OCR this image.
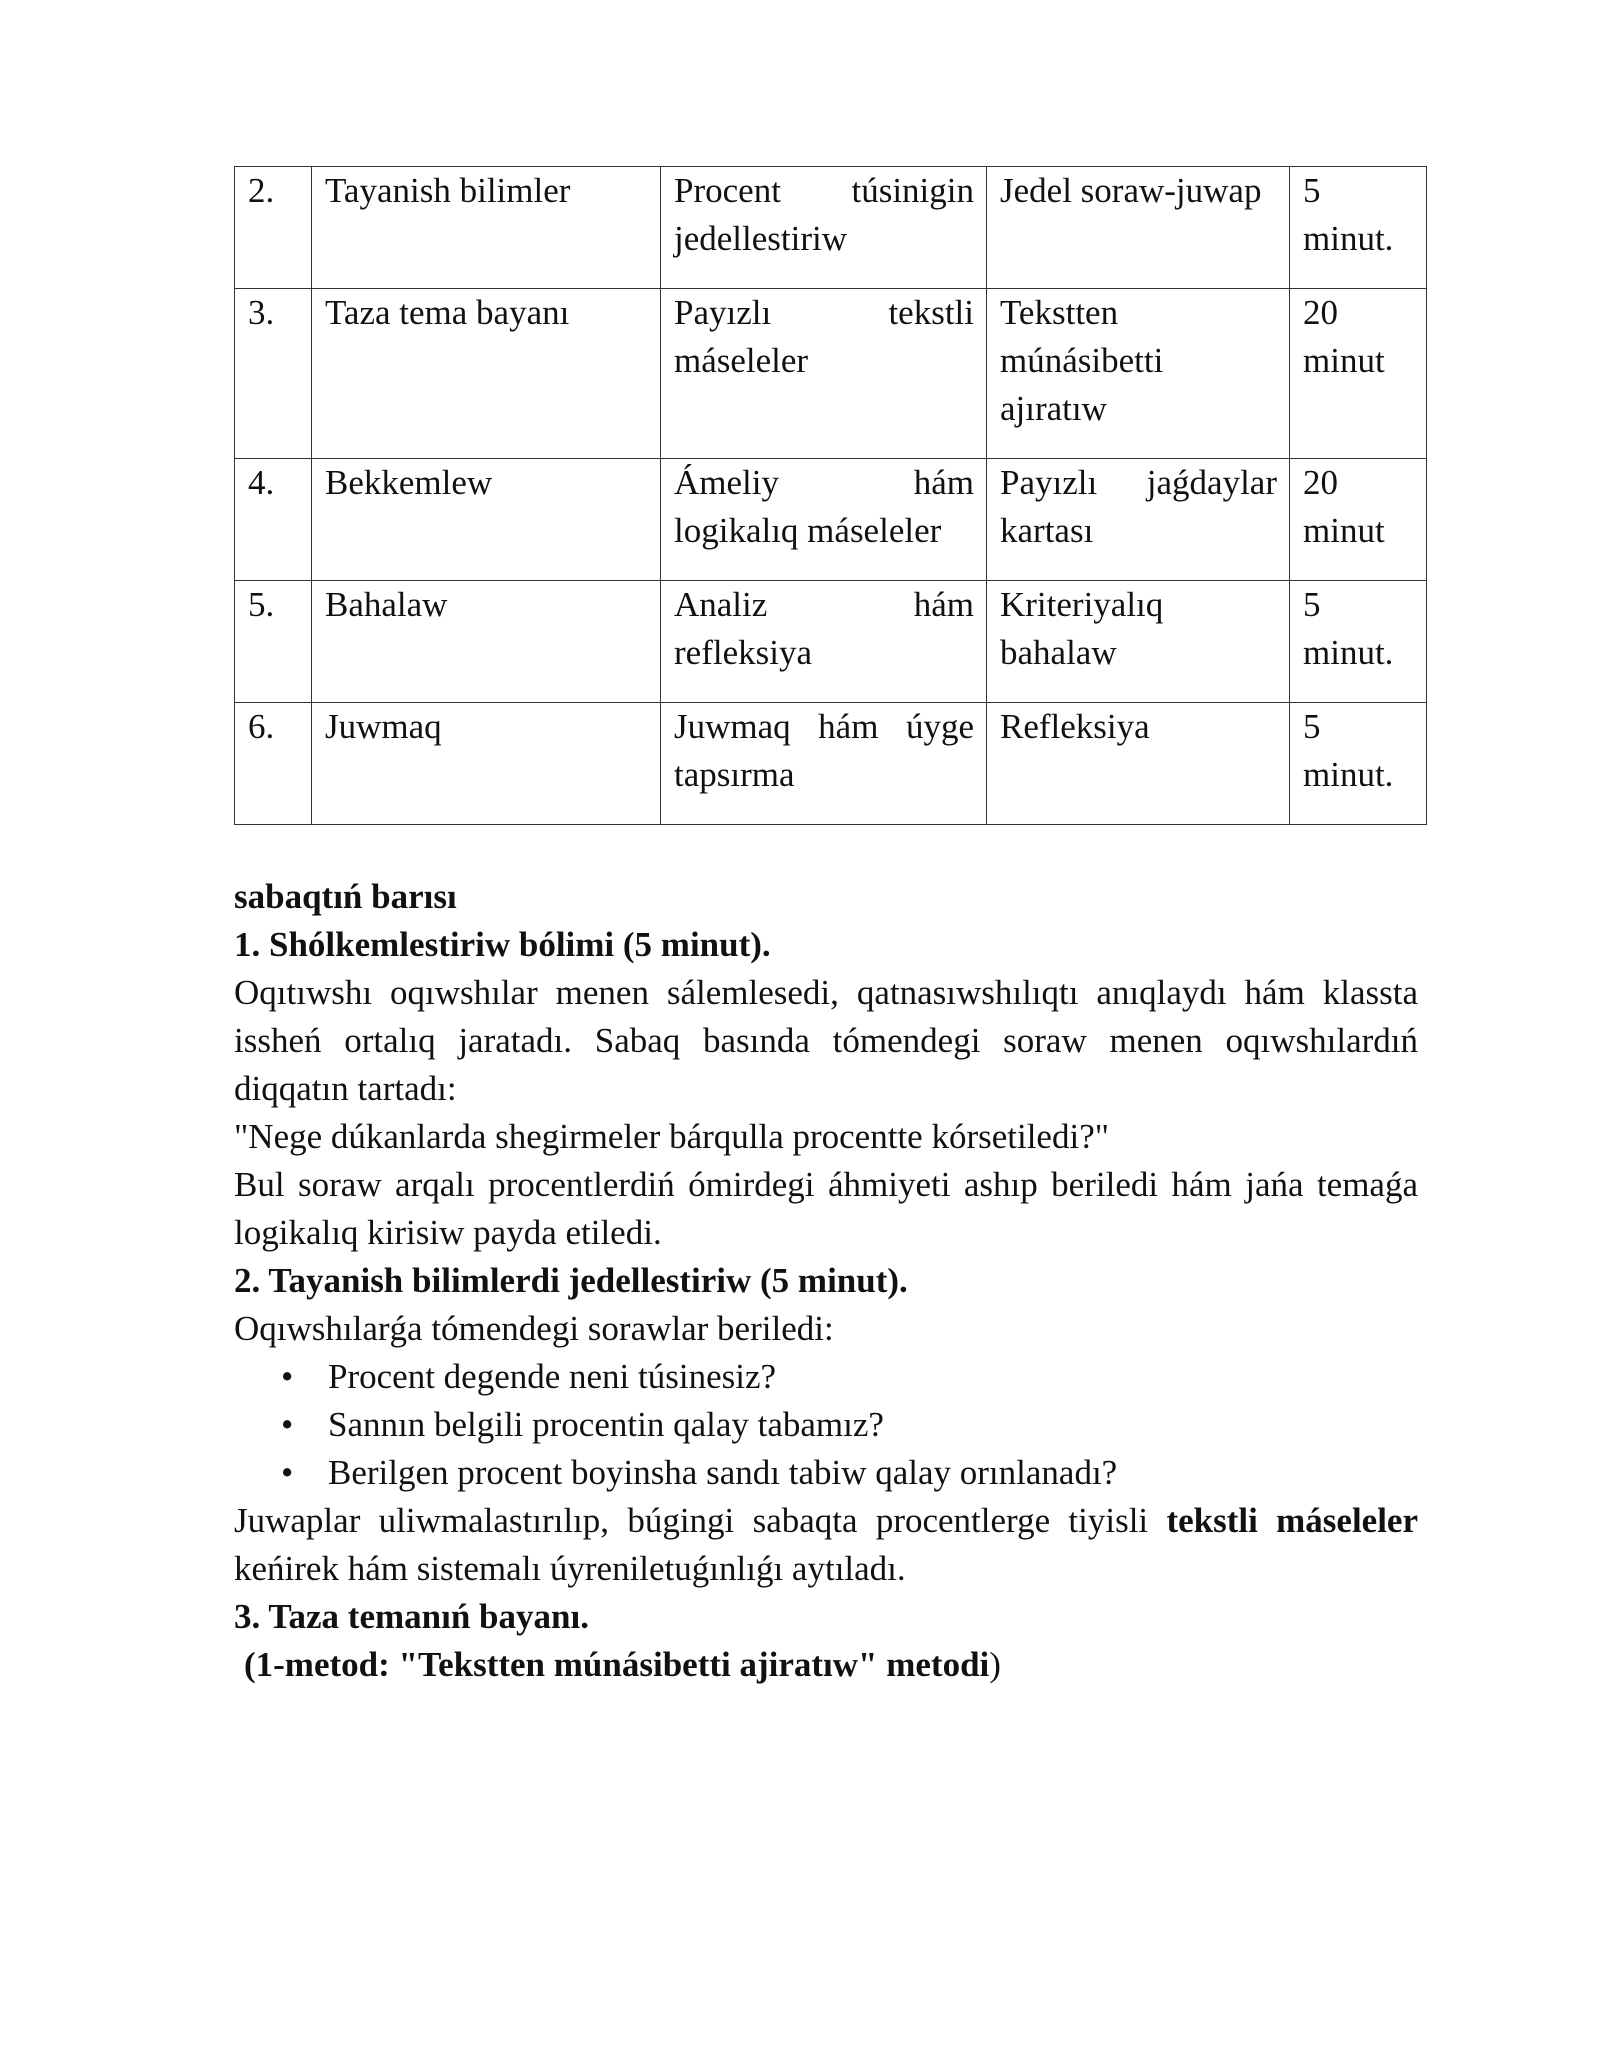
2.	Tayanish bilimler	Procent túsinigin jedellestiriw	Jedel soraw-juwap	5 minut.

3.	Taza tema bayanı	Payızlı tekstli máseleler	Tekstten múnásibetti ajıratıw	20 minut

4.	Bekkemlew	Ámeliy hám logikalıq máseleler	Payızlı jaǵdaylar kartası	20 minut

5.	Bahalaw	Analiz hám refleksiya	Kriteriyalıq bahalaw	5 minut.

6.	Juwmaq	Juwmaq hám úyge tapsırma	Refleksiya	5 minut.
sabaqtıń barısı
1. Shólkemlestiriw bólimi (5 minut).
Oqıtıwshı oqıwshılar menen sálemlesedi, qatnasıwshılıqtı anıqlaydı hám klassta issheń ortalıq jaratadı. Sabaq basında tómendegi soraw menen oqıwshılardıń diqqatın tartadı:
"Nege dúkanlarda shegirmeler bárqulla procentte kórsetiledi?"
Bul soraw arqalı procentlerdiń ómirdegi áhmiyeti ashıp beriledi hám jańa temaǵa logikalıq kirisiw payda etiledi.
2. Tayanish bilimlerdi jedellestiriw (5 minut).
Oqıwshılarǵa tómendegi sorawlar beriledi:
• Procent degende neni túsinesiz?
• Sannın belgili procentin qalay tabamız?
• Berilgen procent boyinsha sandı tabiw qalay orınlanadı?
Juwaplar uliwmalastırılıp, búgingi sabaqta procentlerge tiyisli tekstli máseleler keńirek hám sistemalı úyreniletuǵınlıǵı aytıladı.
3. Taza temanıń bayanı.
(1-metod: "Tekstten múnásibetti ajiratıw" metodi)
